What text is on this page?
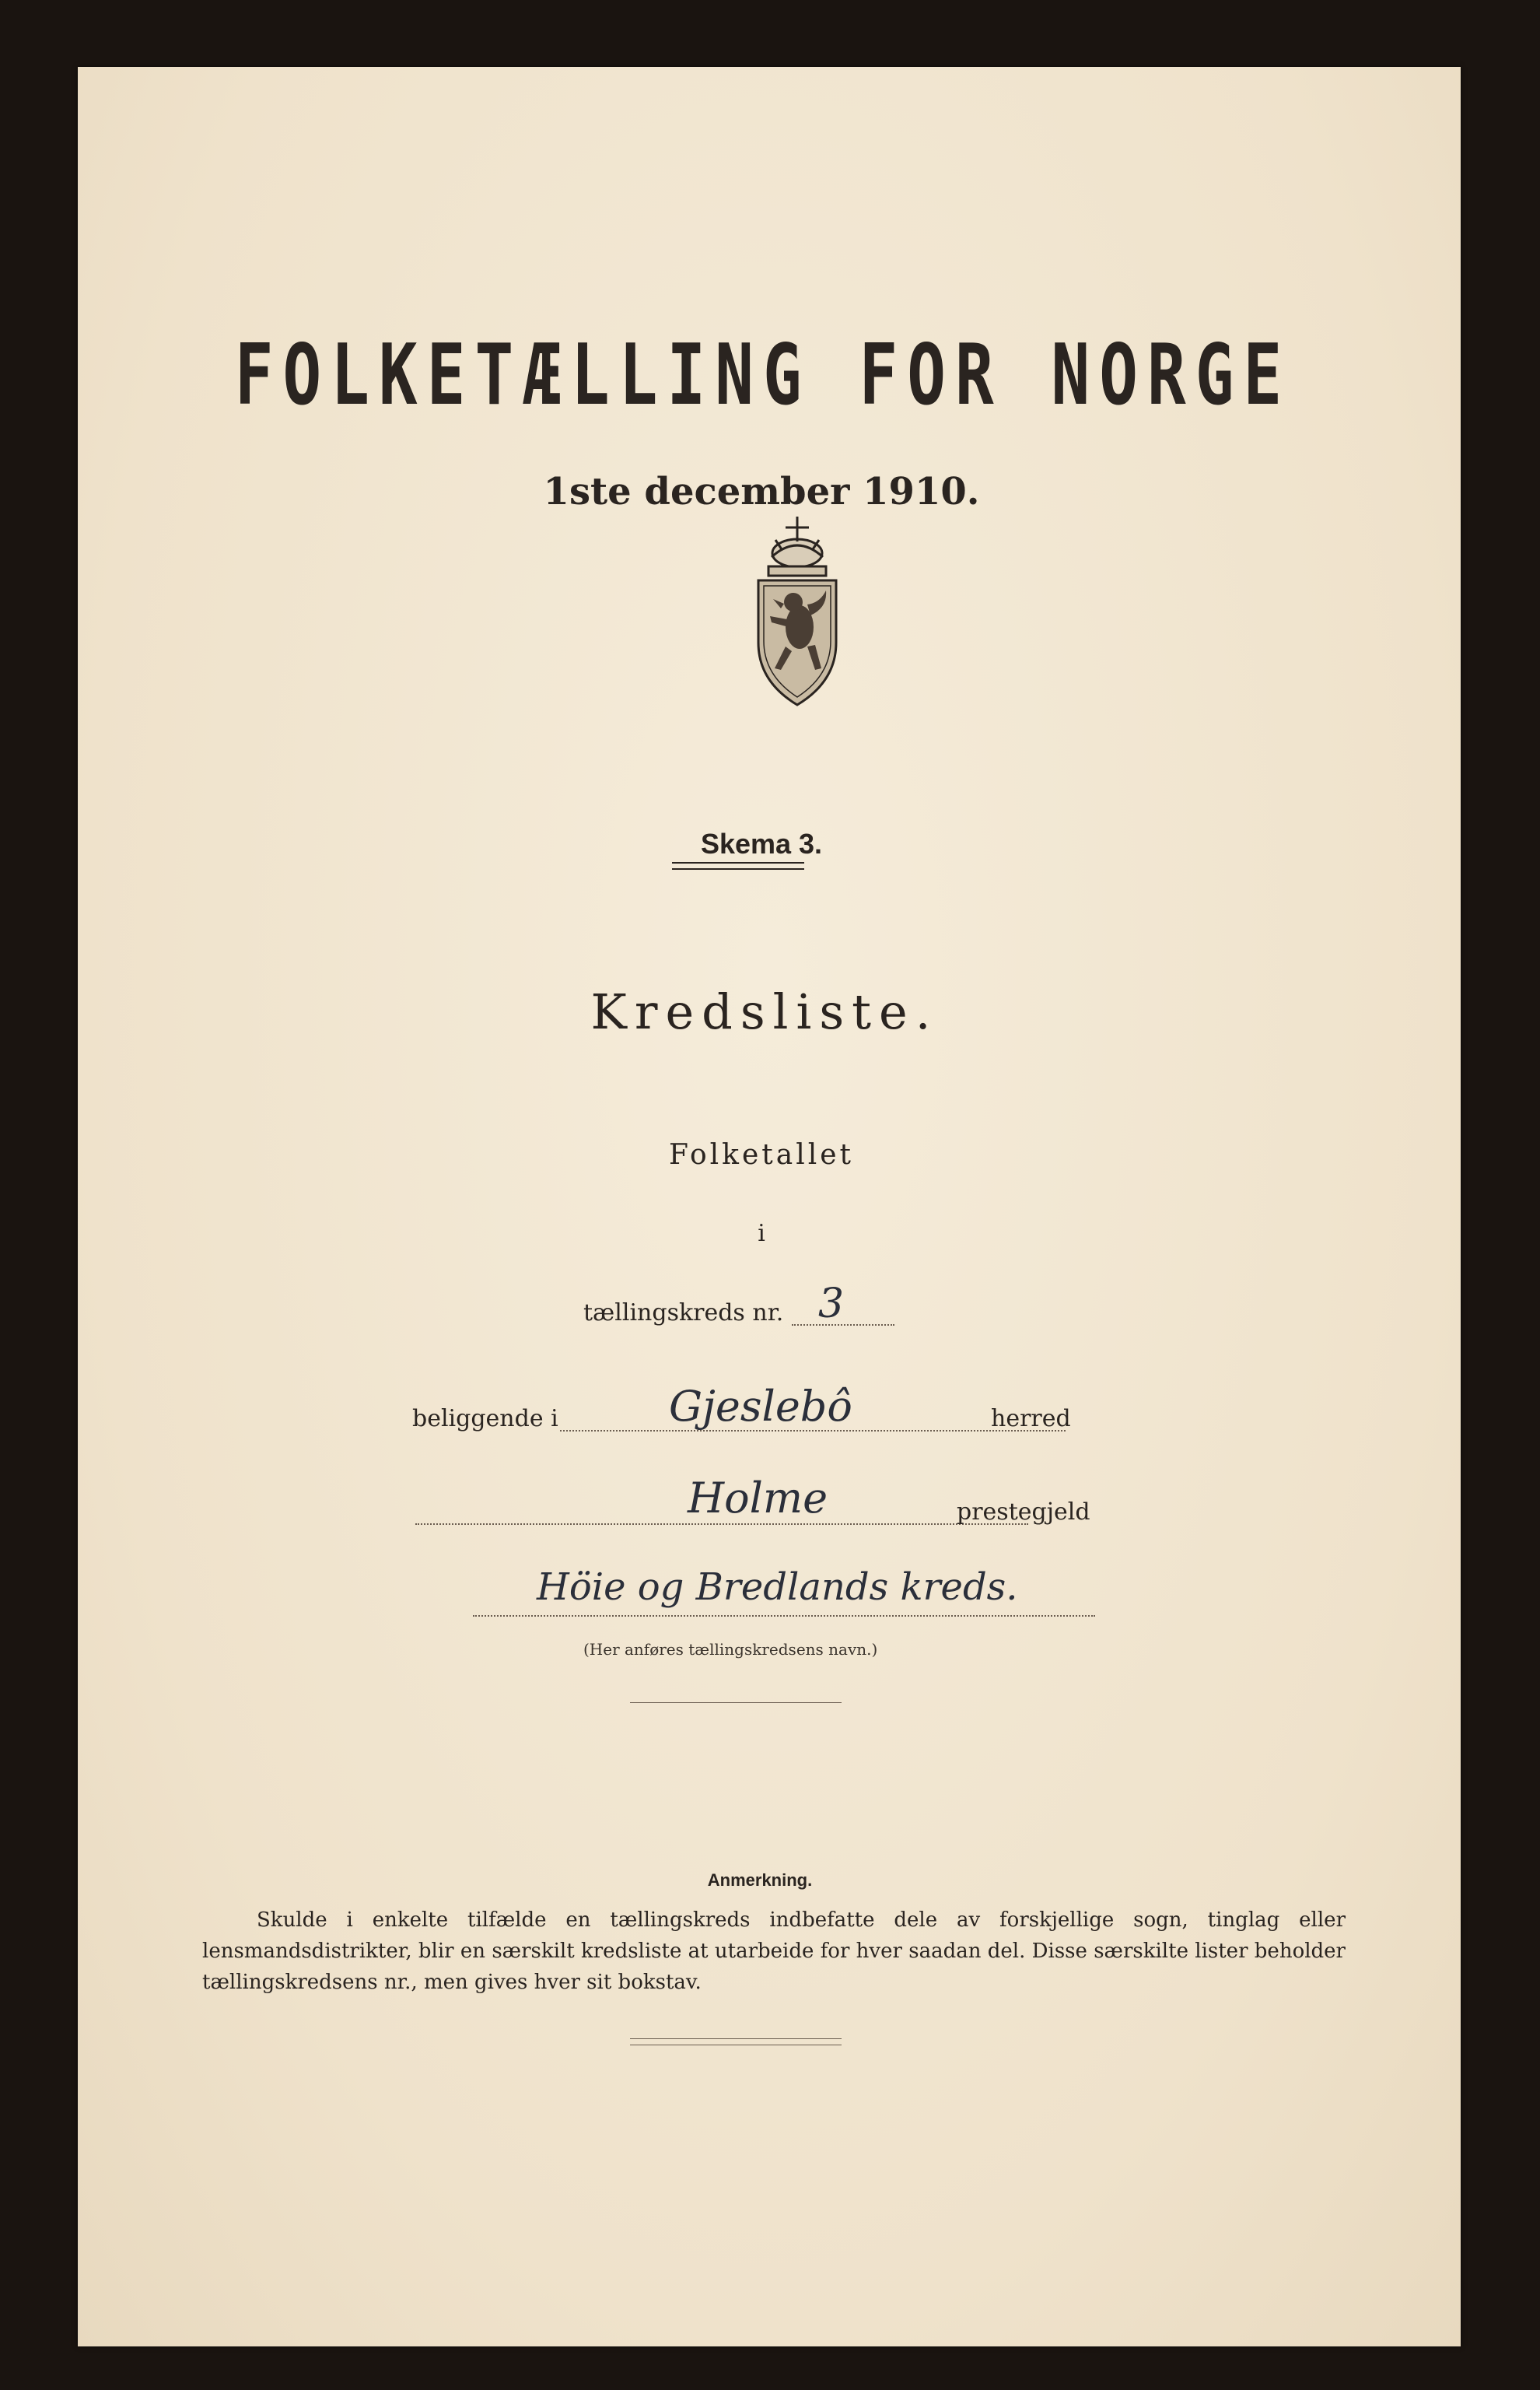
FOLKETÆLLING FOR NORGE
1ste december 1910.
Skema 3.
Kredsliste.
Folketallet
i
tællingskreds nr. 3
beliggende i	Gjeslebô	herred
Holme	prestegjeld
Höie og Bredlands kreds.
(Her anføres tællingskredsens navn.)
Anmerkning.
Skulde i enkelte tilfælde en tællingskreds indbefatte dele av forskjellige sogn, tinglag eller lensmandsdistrikter, blir en særskilt kredsliste at utarbeide for hver saadan del. Disse særskilte lister beholder tællingskredsens nr., men gives hver sit bokstav.
